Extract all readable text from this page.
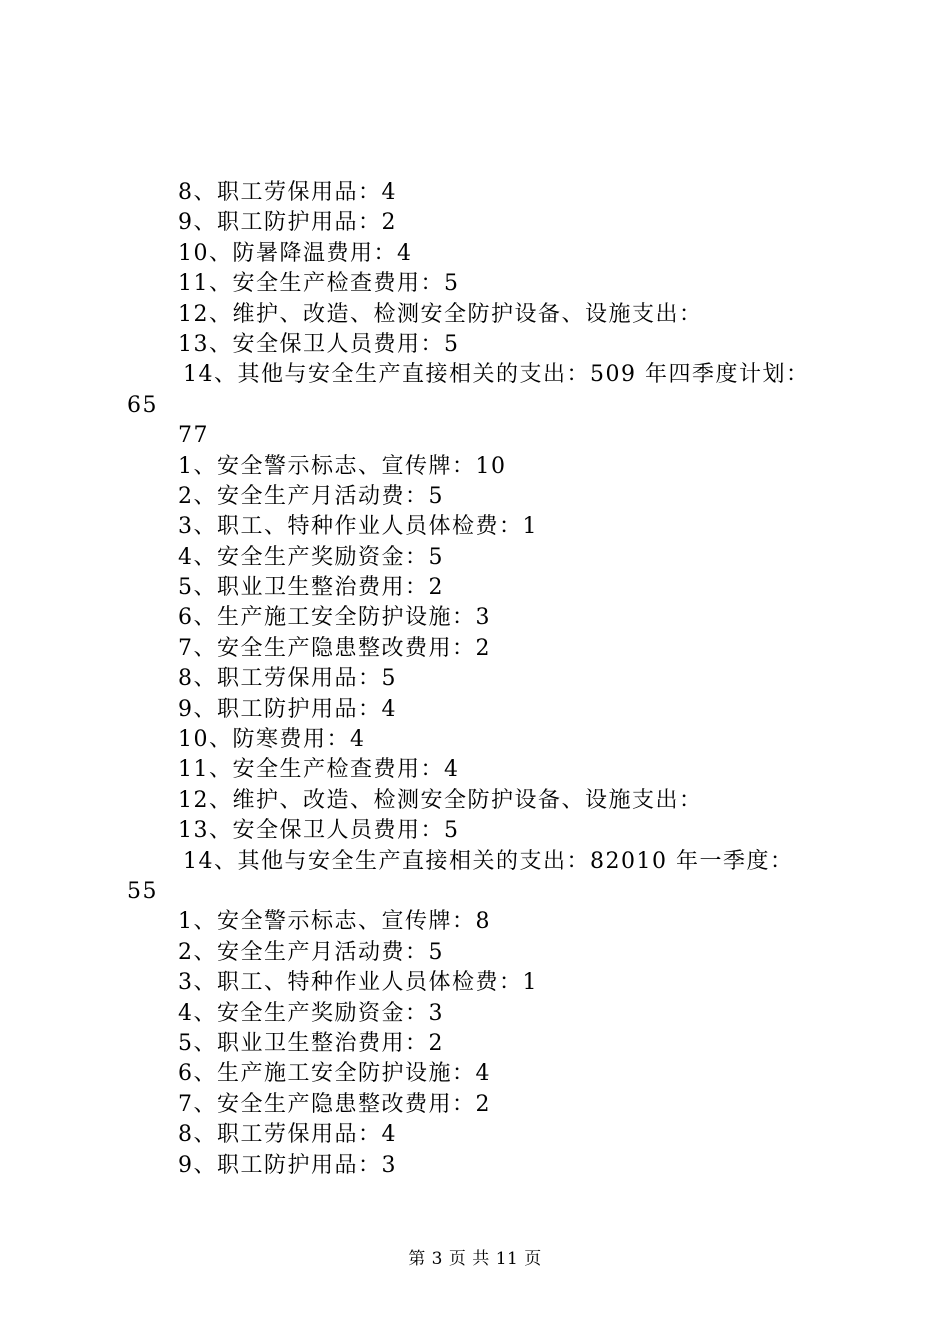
8、职工劳保用品：4
9、职工防护用品：2
10、防暑降温费用：4
11、安全生产检查费用：5
12、维护、改造、检测安全防护设备、设施支出：
13、安全保卫人员费用：5
14、其他与安全生产直接相关的支出：509 年四季度计划：
65
77
1、安全警示标志、宣传牌：10
2、安全生产月活动费：5
3、职工、特种作业人员体检费：1
4、安全生产奖励资金：5
5、职业卫生整治费用：2
6、生产施工安全防护设施：3
7、安全生产隐患整改费用：2
8、职工劳保用品：5
9、职工防护用品：4
10、防寒费用：4
11、安全生产检查费用：4
12、维护、改造、检测安全防护设备、设施支出：
13、安全保卫人员费用：5
14、其他与安全生产直接相关的支出：82010 年一季度：
55
1、安全警示标志、宣传牌：8
2、安全生产月活动费：5
3、职工、特种作业人员体检费：1
4、安全生产奖励资金：3
5、职业卫生整治费用：2
6、生产施工安全防护设施：4
7、安全生产隐患整改费用：2
8、职工劳保用品：4
9、职工防护用品：3
第 3 页 共 11 页
